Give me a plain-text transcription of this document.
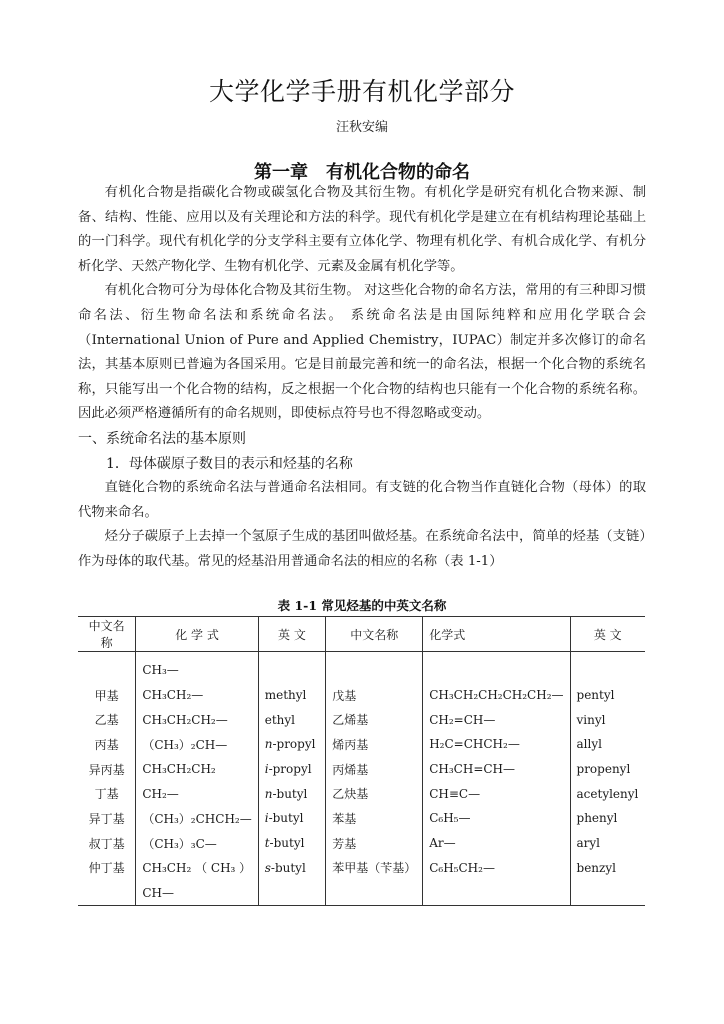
大学化学手册有机化学部分
汪秋安编
第一章　有机化合物的命名

有机化合物是指碳化合物或碳氢化合物及其衍生物。有机化学是研究有机化合物来源、制备、结构、性能、应用以及有关理论和方法的科学。现代有机化学是建立在有机结构理论基础上的一门科学。现代有机化学的分支学科主要有立体化学、物理有机化学、有机合成化学、有机分析化学、天然产物化学、生物有机化学、元素及金属有机化学等。

有机化合物可分为母体化合物及其衍生物。 对这些化合物的命名方法，常用的有三种即习惯命名法、衍生物命名法和系统命名法。 系统命名法是由国际纯粹和应用化学联合会（International Union of Pure and Applied Chemistry，IUPAC）制定并多次修订的命名法，其基本原则已普遍为各国采用。它是目前最完善和统一的命名法，根据一个化合物的系统名称，只能写出一个化合物的结构，反之根据一个化合物的结构也只能有一个化合物的系统名称。因此必须严格遵循所有的命名规则，即使标点符号也不得忽略或变动。

一、系统命名法的基本原则

1．母体碳原子数目的表示和烃基的名称

直链化合物的系统命名法与普通命名法相同。有支链的化合物当作直链化合物（母体）的取代物来命名。

烃分子碳原子上去掉一个氢原子生成的基团叫做烃基。在系统命名法中，简单的烃基（支链）作为母体的取代基。常见的烃基沿用普通命名法的相应的名称（表 1-1）

表 1-1 常见烃基的中英文名称
中文名称	化 学 式	英 文	中文名称	化学式	英 文
	CH₃—				
甲基	CH₃CH₂—	methyl	戊基	CH₃CH₂CH₂CH₂CH₂—	pentyl
乙基	CH₃CH₂CH₂—	ethyl	乙烯基	CH₂=CH—	vinyl
丙基	（CH₃）₂CH—	n-propyl	烯丙基	H₂C=CHCH₂—	allyl
异丙基	CH₃CH₂CH₂	i-propyl	丙烯基	CH₃CH=CH—	propenyl
丁基	CH₂—	n-butyl	乙炔基	CH≡C—	acetylenyl
异丁基	（CH₃）₂CHCH₂—	i-butyl	苯基	C₆H₅—	phenyl
叔丁基	（CH₃）₃C—	t-butyl	芳基	Ar—	aryl
仲丁基	CH₃CH₂ （ CH₃ ）	s-butyl	苯甲基（苄基）	C₆H₅CH₂—	benzyl
	CH—				
